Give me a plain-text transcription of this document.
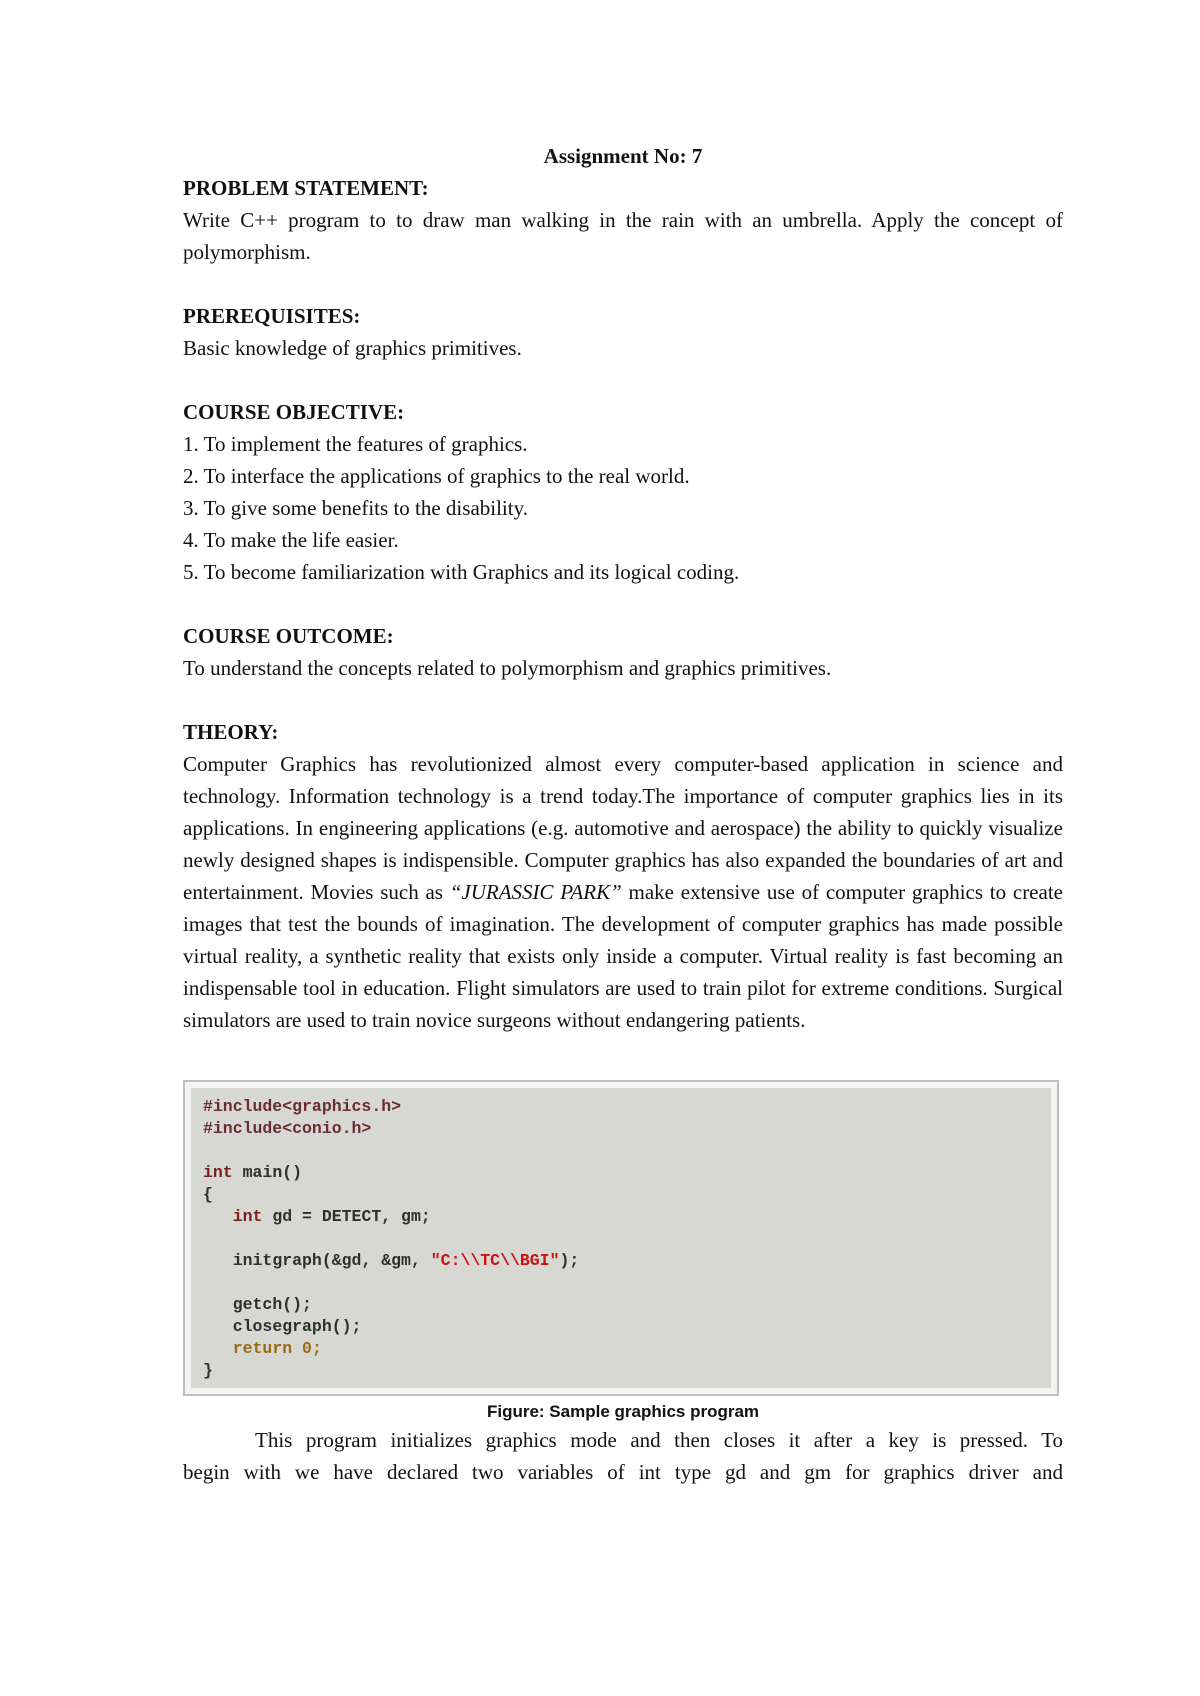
Assignment No: 7

PROBLEM STATEMENT:

Write C++ program to to draw man walking in the rain with an umbrella. Apply the concept of polymorphism.

PREREQUISITES:

Basic knowledge of graphics primitives.

COURSE OBJECTIVE:

1. To implement the features of graphics.
2. To interface the applications of graphics to the real world.
3. To give some benefits to the disability.
4. To make the life easier.
5. To become familiarization with Graphics and its logical coding.

COURSE OUTCOME:

To understand the concepts related to polymorphism and graphics primitives.

THEORY:

Computer Graphics has revolutionized almost every computer-based application in science and technology. Information technology is a trend today.The importance of computer graphics lies in its applications. In engineering applications (e.g. automotive and aerospace) the ability to quickly visualize newly designed shapes is indispensible. Computer graphics has also expanded the boundaries of art and entertainment. Movies such as “JURASSIC PARK” make extensive use of computer graphics to create images that test the bounds of imagination. The development of computer graphics has made possible virtual reality, a synthetic reality that exists only inside a computer. Virtual reality is fast becoming an indispensable tool in education. Flight simulators are used to train pilot for extreme conditions. Surgical simulators are used to train novice surgeons without endangering patients.

#include<graphics.h>
#include<conio.h>

int main()
{
int gd = DETECT, gm;

initgraph(&gd, &gm, "C:\\TC\\BGI");

getch();
closegraph();
return 0;
}
Figure: Sample graphics program

This program initializes graphics mode and then closes it after a key is pressed. To

begin with we have declared two variables of int type gd and gm for graphics driver and
